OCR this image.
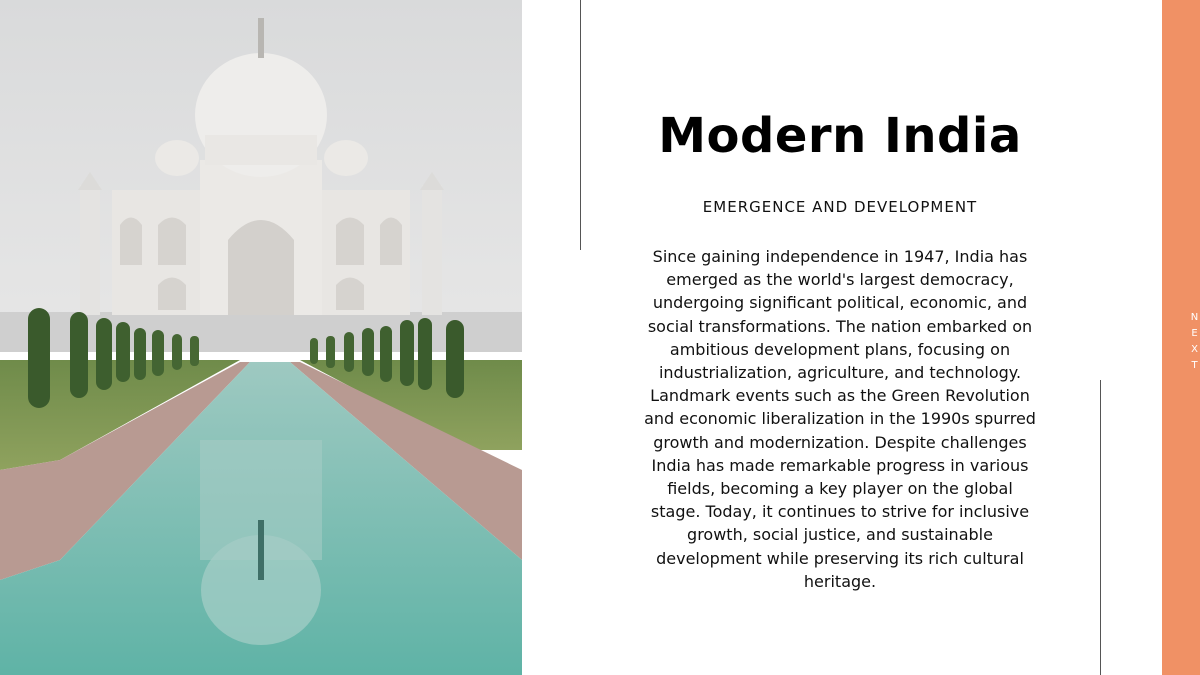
Modern India
EMERGENCE AND DEVELOPMENT
Since gaining independence in 1947, India has emerged as the world's largest democracy, undergoing significant political, economic, and social transformations. The nation embarked on ambitious development plans, focusing on industrialization, agriculture, and technology. Landmark events such as the Green Revolution and economic liberalization in the 1990s spurred growth and modernization. Despite challenges India has made remarkable progress in various fields, becoming a key player on the global stage. Today, it continues to strive for inclusive growth, social justice, and sustainable development while preserving its rich cultural heritage.
NEXT
